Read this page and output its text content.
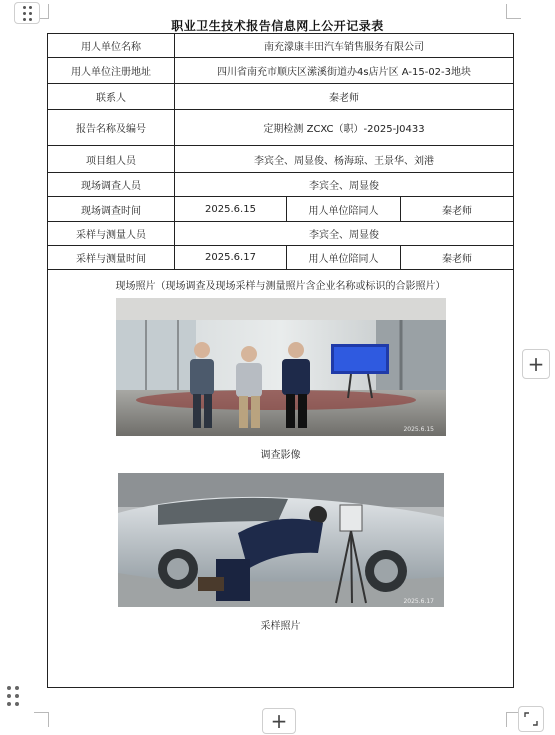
+
+
职业卫生技术报告信息网上公开记录表
用人单位名称	南充濛康丰田汽车销售服务有限公司		
用人单位注册地址	四川省南充市顺庆区潆溪街道办4s店片区 A-15-02-3地块		
联系人	秦老师		
报告名称及编号	定期检测 ZCXC（职）-2025-J0433		
项目组人员	李宾全、周显俊、杨海琼、王景华、刘港		
现场调查人员	李宾全、周显俊		
现场调查时间	2025.6.15	用人单位陪同人	秦老师
采样与测量人员	李宾全、周显俊		
采样与测量时间	2025.6.17	用人单位陪同人	秦老师

现场照片（现场调查及现场采样与测量照片含企业名称或标识的合影照片）
2025.6.15
调查影像
2025.6.17
采样照片			
